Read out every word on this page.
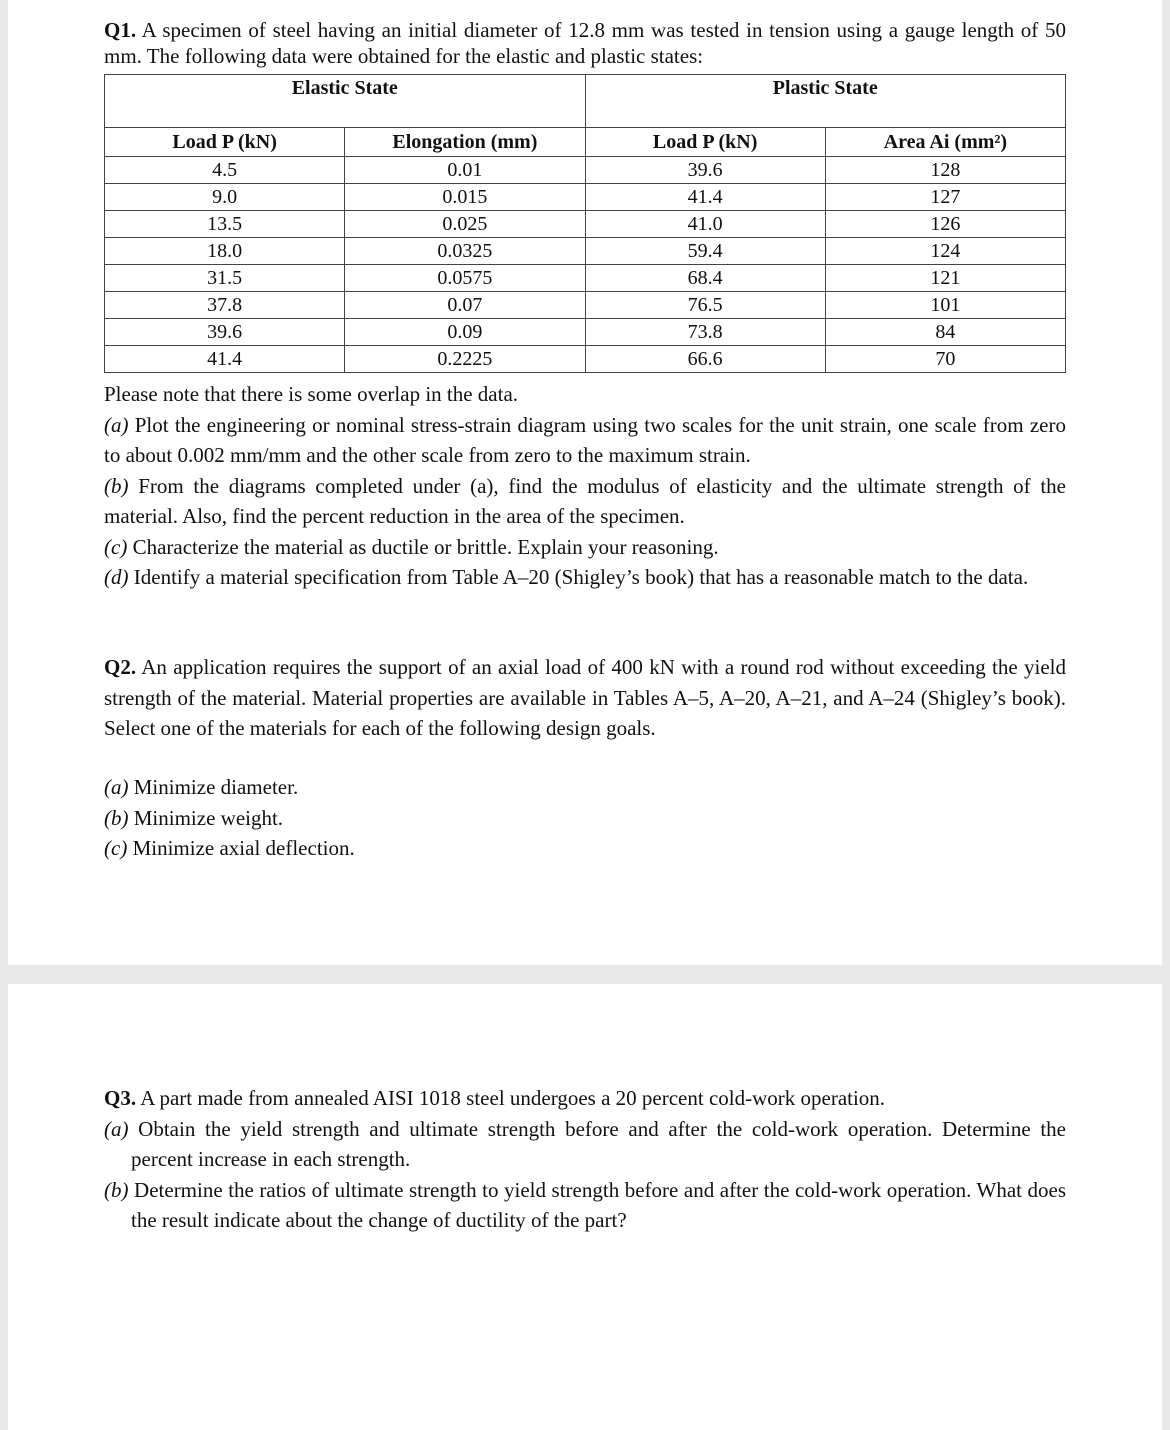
Q1. A specimen of steel having an initial diameter of 12.8 mm was tested in tension using a gauge length of 50 mm. The following data were obtained for the elastic and plastic states:

Elastic State		Plastic State	
Load P (kN)	Elongation (mm)	Load P (kN)	Area Ai (mm²)
4.5	0.01	39.6	128
9.0	0.015	41.4	127
13.5	0.025	41.0	126
18.0	0.0325	59.4	124
31.5	0.0575	68.4	121
37.8	0.07	76.5	101
39.6	0.09	73.8	84
41.4	0.2225	66.6	70

Please note that there is some overlap in the data.

(a) Plot the engineering or nominal stress-strain diagram using two scales for the unit strain, one scale from zero to about 0.002 mm/mm and the other scale from zero to the maximum strain.

(b) From the diagrams completed under (a), find the modulus of elasticity and the ultimate strength of the material. Also, find the percent reduction in the area of the specimen.

(c) Characterize the material as ductile or brittle. Explain your reasoning.

(d) Identify a material specification from Table A–20 (Shigley’s book) that has a reasonable match to the data.

Q2. An application requires the support of an axial load of 400 kN with a round rod without exceeding the yield strength of the material. Material properties are available in Tables A–5, A–20, A–21, and A–24 (Shigley’s book). Select one of the materials for each of the following design goals.

(a) Minimize diameter.

(b) Minimize weight.

(c) Minimize axial deflection.

Q3. A part made from annealed AISI 1018 steel undergoes a 20 percent cold-work operation.

(a) Obtain the yield strength and ultimate strength before and after the cold-work operation. Determine the percent increase in each strength.

(b) Determine the ratios of ultimate strength to yield strength before and after the cold-work operation. What does the result indicate about the change of ductility of the part?
